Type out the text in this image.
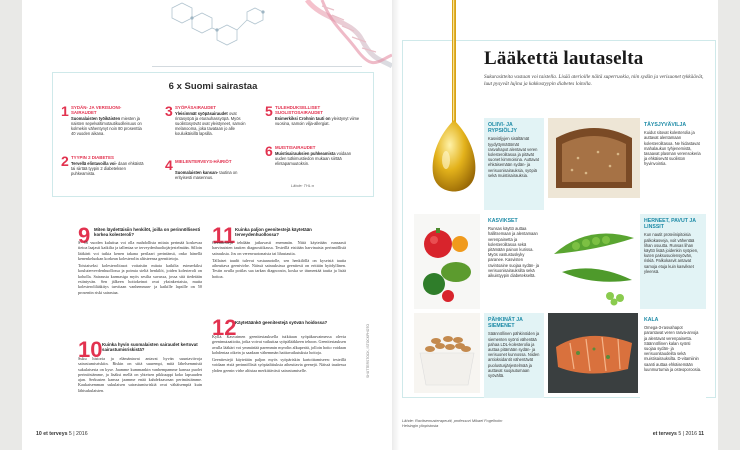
6 x Suomi sairastaa
1 SYDÄN- JA VERISUONI-SAIRAUDET
Suomalaisten työikäisten miesten ja naisten sepelvaltimotautikuolleisuus on kolmekin vähentynyt noin 80 prosenttia 40 vuoden aikana.
2 TYYPIN 2 DIABETES
Tervellä elintavoilla voi- daan ehkäistä tai siirtää tyypin 2 diabeteksen puhkeamista.
3 SYÖPÄSAIRAUDET
Yleisimmät syöpäsairaudet ovat rintasyöpä ja eturauhassyöpä. Myös suolistosyövät ovat yleistyneet, samoin melanooma, joka tavataan jo alle kouluikäisillä lapsilla.
4 MIELENTERVEYS-HÄIRIÖT
Suomalaisten kansan- tautina on erityisesti masennus.
5 TULEHDUKSELLISET SUOLISTOSAIRAUDET
Esimerkiksi Crohnin tauti on yleistynyt viime vuosina, samoin vilja-allergiat.
6 MUISTISAIRAUDET
Muistisairauksien puhkeamista voidaan uuden tutkimustiedon mukaan siirtää elintapamuutoksin.
Lähde: THL:n
9 Miten läydettäisiin henkilöt, joilla on perinnöllisesti korkea kolesteroli?

S- 16 vuoden kuluttua voi olla mahdollista mitata perimää koskevaa tietoa laajasti kaikilta ja tallentaa se terveydenhuoltojärjestelmään. Silloin lääkärit voi tutkia kenen takana perilaari perintänsä, onko hänellä kenenkeluokan korkean kolesterolin altisteensa geenitietoja.

Toistaiseksi kolesterolitasot voitaisiin mitata kaikilta esimerkiksi koulutervevdenhuollossa ja poimia sieltä henkilöt, joiden kolesteroli on koholla. Sairausta karmasiga myös sesilta suvussa, jossa sitä tiedetään esiintyvän. Sen jälkeen hoitokeinot ovat yksinkertaisia, mutta kolesterolilääkitys tarvitaan vanhemman- ja kaikille lapsille on 50 prosentin riski sairastaa.

10 Kuinka hyvin suomalaisten sairaudet kertovat sairastumisriskistä?

Suku historia ja elämäntavat antavat hyvän suuntaviivoja sairastumisriskiin. Riskin on siitä suurempi, mitä lähelsemmistä sukulaisesta on kyse. Jaamme kummankin vanhempamme kanssa puolet perintöstämme, ja lisäksi mellä on yhteisen pikkuuppi koko lapsuuden ajan. Serkusten kanssa jaamme enää kahdeksasosan perimästämme. Kaukaisemman sukulaisen sairastumisriskiä ovat vähäisempiä kuin lähisukulaisten.

11 Kuinka paljon geenitestejä käytetään terveydenhuollossa?

Geenitestejä tehdään jatkuvasti enemmän. Niitä käytetään runsaasti harvinaisten tautien diagnostiikassa. Testeillä etsitään harvinaisia perinnöllisiä sairauksia. Jos on verenvuotonaista tai lihastautia.

Tällaiset taudit tulevat vastaanotolle, sen henkilöllä on kyseistä tautia aiheuttava geenivirhe. Näissä sairauksissa geenitesti on erittäin hyödyllinen. Testin avulla potilas saa tarkan diagnoosin, koska se täsmentää tautia ja lisää hoitoa.

12
Käytetäänkö geenitestejä syövän hoidossa?

Kyllä. Kasvaimen geenitestauksella tutkitaan syöpäkasvaimessa olevia geenimutaatioita, jotka voivat vaikuttaa syöpälääkkeen tehoon. Geenitestauksen avulla lääkäri voi ymmärtää paremmin myrolin alkuperää, jolloin hoito voidaan kohdentaa oikein ja saadaan vähemmän haittavaikutuksia hoitoja.

Geenitestejä käytetään paljon myös syöpäriskin kartoittamiseen: testeillä voidaan etsiä perinnöllisiä syöpäalttiuksia aiheuttavia geenejä. Näissä tautiessa yhden geenin virhe altistaa merkittävästi sairastumiselle.	SHUTTERSTOCK, ISTOCKPHOTO
10 et terveys 5 | 2016
Lääkettä lautaselta
Sukurasitteita vastaan voi taistella. Lisää aterioille näitä superruokia, niin sydän ja verisuonet tykkäävät, luut pysyvät lujina ja kakkostyypin diabetes loitolla.
OLIIVI- JA RYPSIÖLJY
Kasviöljyjen sisältämät tyydyttymättömät rasvahapot alentavat veren kolesterolitasoa ja pitävät suonet kimmoisina. Auttavat ehkäisemään sydän- ja verisuonisairauksia, syöpiä sekä muistisairauksia.
TÄYSJYVÄVILJA
Kuidut sitovat kolesterolia ja auttavat alentamaan kolesterolitasoa. Ne hidastavat mahalaukun tyhjenemistä, tasaavat plasman verensokeria ja ehkäisevät suoliston hyvinvointia.
KASVIKSET
Runsas käyttö auttaa hallitsemaan ja alentamaan verenpainetta ja kolesterolitasoa sekä pitämään painon kurissa. Myös vastustuskyky paranee. Kasvisten ravintoaine suojaa sydän- ja verisuonisairauksilta sekä aikuistyypin diabetekseltä.
HERNEET, PAVUT JA LINSSIT
Kun nautit proteiinipitoisia palkokasveja, voit vähentää lihan osuutta. Runsas lihan käyttö lisää joidenkin syöpien, kuten paksusuolensyövän, riskiä. Palkokasvit antavat samoja etuja kuin kasvikset yleensä.
PÄHKINÄT JA SIEMENET
Säännöllinen pähkinöiden ja siementen syönti vähentää pahaa LDL-kolesterolia ja auttaa pitämään sydän- ja verisuonet kunnossa. Niiden antioksidantit vähentävät puolustusjärjestelmää ja auttavat suojautumaan syövältä.
KALA
Omega-3-rasvahapot parantavat veren rasva-arvoja ja alentavat verenpainetta. Säännöllinen kalan syönti suojaa sydän- ja verisuonitaudeilta sekä muistisairauksilta. D-vitamiinin saanti auttaa ehkäisemään luunmurtumia ja osteoporoosia.
Lähde: Ravitsemusterapeutti, professori Mikael Fogelholm
Helsingin yliopistosta
et terveys 5 | 2016 11
